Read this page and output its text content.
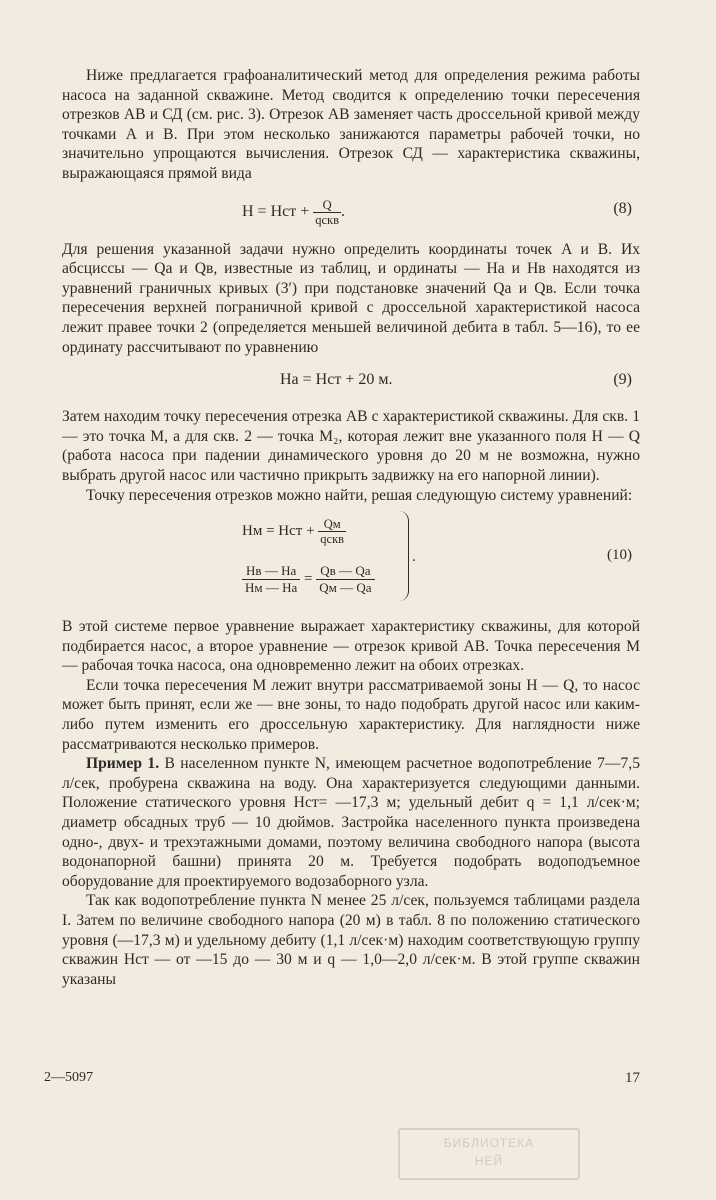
Ниже предлагается графоаналитический метод для определения режима работы насоса на заданной скважине. Метод сводится к определению точки пересечения отрезков AB и СД (см. рис. 3). Отрезок AB заменяет часть дроссельной кривой между точками A и B. При этом несколько занижаются параметры рабочей точки, но значительно упрощаются вычисления. Отрезок СД — характеристика скважины, выражающаяся прямой вида

H = Hст + $\frac{Q}{\text{qскв}}$ .	(8)

Для решения указанной задачи нужно определить координаты точек A и B. Их абсциссы — Qа и Qв, известные из таблиц, и ординаты — Hа и Hв находятся из уравнений граничных кривых (3′) при подстановке значений Qа и Qв. Если точка пересечения верхней пограничной кривой с дроссельной характеристикой насоса лежит правее точки 2 (определяется меньшей величиной дебита в табл. 5—16), то ее ординату рассчитывают по уравнению

Hа = Hст + 20 м.	(9)

Затем находим точку пересечения отрезка AB с характеристикой скважины. Для скв. 1 — это точка M, а для скв. 2 — точка M₂, которая лежит вне указанного поля H — Q (работа насоса при падении динамического уровня до 20 м не возможна, нужно выбрать другой насос или частично прикрыть задвижку на его напорной линии).

Точку пересечения отрезков можно найти, решая следующую систему уравнений:

Hм = Hст + $\frac{Qм}{\text{qскв}}$
Hв — Hа
Hм — Hа
=
Qв — Qа
Qм — Qа
.	(10)

В этой системе первое уравнение выражает характеристику скважины, для которой подбирается насос, а второе уравнение — отрезок кривой AB. Точка пересечения M — рабочая точка насоса, она одновременно лежит на обоих отрезках.

Если точка пересечения M лежит внутри рассматриваемой зоны H — Q, то насос может быть принят, если же — вне зоны, то надо подобрать другой насос или каким-либо путем изменить его дроссельную характеристику. Для наглядности ниже рассматриваются несколько примеров.

Пример 1. В населенном пункте N, имеющем расчетное водопотребление 7—7,5 л/сек, пробурена скважина на воду. Она характеризуется следующими данными. Положение статического уровня Hст= —17,3 м; удельный дебит q = 1,1 л/сек·м; диаметр обсадных труб — 10 дюймов. Застройка населенного пункта произведена одно-, двух- и трехэтажными домами, поэтому величина свободного напора (высота водонапорной башни) принята 20 м. Требуется подобрать водоподъемное оборудование для проектируемого водозаборного узла.

Так как водопотребление пункта N менее 25 л/сек, пользуемся таблицами раздела I. Затем по величине свободного напора (20 м) в табл. 8 по положению статического уровня (—17,3 м) и удельному дебиту (1,1 л/сек·м) находим соответствующую группу скважин Hст — от —15 до — 30 м и q — 1,0—2,0 л/сек·м. В этой группе скважин указаны

2—5097	17
БИБЛИОТЕКА
НЕЙ
